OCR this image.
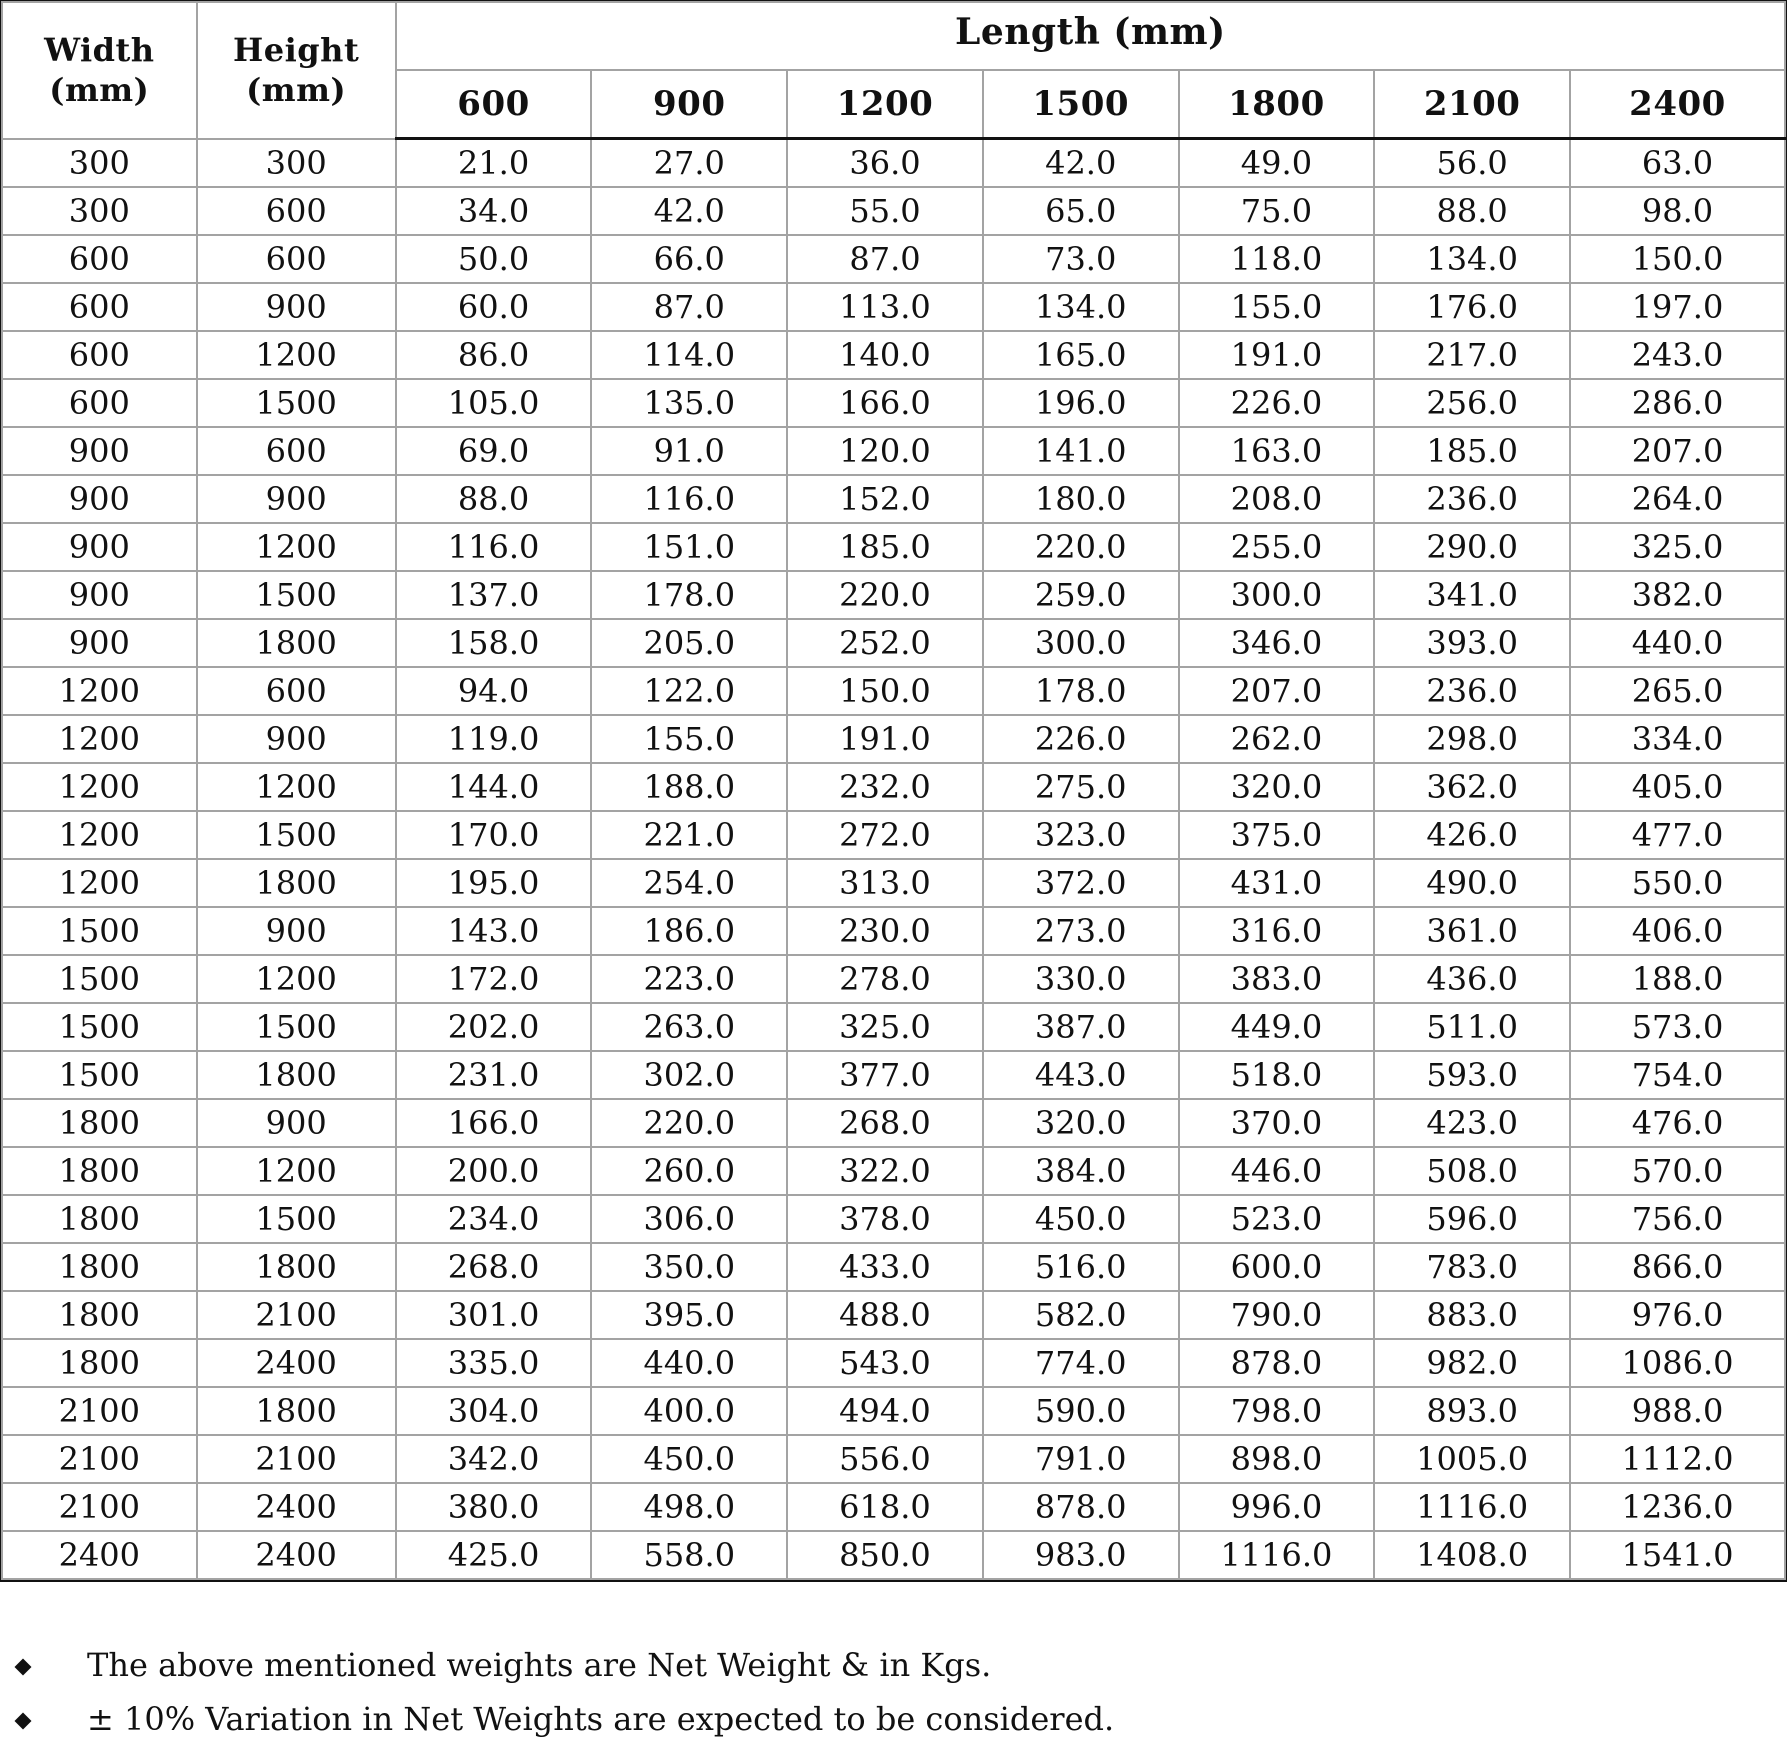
Width (mm)	Height (mm)	Length (mm)						
		600	900	1200	1500	1800	2100	2400
300	300	21.0	27.0	36.0	42.0	49.0	56.0	63.0
300	600	34.0	42.0	55.0	65.0	75.0	88.0	98.0
600	600	50.0	66.0	87.0	73.0	118.0	134.0	150.0
600	900	60.0	87.0	113.0	134.0	155.0	176.0	197.0
600	1200	86.0	114.0	140.0	165.0	191.0	217.0	243.0
600	1500	105.0	135.0	166.0	196.0	226.0	256.0	286.0
900	600	69.0	91.0	120.0	141.0	163.0	185.0	207.0
900	900	88.0	116.0	152.0	180.0	208.0	236.0	264.0
900	1200	116.0	151.0	185.0	220.0	255.0	290.0	325.0
900	1500	137.0	178.0	220.0	259.0	300.0	341.0	382.0
900	1800	158.0	205.0	252.0	300.0	346.0	393.0	440.0
1200	600	94.0	122.0	150.0	178.0	207.0	236.0	265.0
1200	900	119.0	155.0	191.0	226.0	262.0	298.0	334.0
1200	1200	144.0	188.0	232.0	275.0	320.0	362.0	405.0
1200	1500	170.0	221.0	272.0	323.0	375.0	426.0	477.0
1200	1800	195.0	254.0	313.0	372.0	431.0	490.0	550.0
1500	900	143.0	186.0	230.0	273.0	316.0	361.0	406.0
1500	1200	172.0	223.0	278.0	330.0	383.0	436.0	188.0
1500	1500	202.0	263.0	325.0	387.0	449.0	511.0	573.0
1500	1800	231.0	302.0	377.0	443.0	518.0	593.0	754.0
1800	900	166.0	220.0	268.0	320.0	370.0	423.0	476.0
1800	1200	200.0	260.0	322.0	384.0	446.0	508.0	570.0
1800	1500	234.0	306.0	378.0	450.0	523.0	596.0	756.0
1800	1800	268.0	350.0	433.0	516.0	600.0	783.0	866.0
1800	2100	301.0	395.0	488.0	582.0	790.0	883.0	976.0
1800	2400	335.0	440.0	543.0	774.0	878.0	982.0	1086.0
2100	1800	304.0	400.0	494.0	590.0	798.0	893.0	988.0
2100	2100	342.0	450.0	556.0	791.0	898.0	1005.0	1112.0
2100	2400	380.0	498.0	618.0	878.0	996.0	1116.0	1236.0
2400	2400	425.0	558.0	850.0	983.0	1116.0	1408.0	1541.0
The above mentioned weights are Net Weight & in Kgs.
± 10% Variation in Net Weights are expected to be considered.
